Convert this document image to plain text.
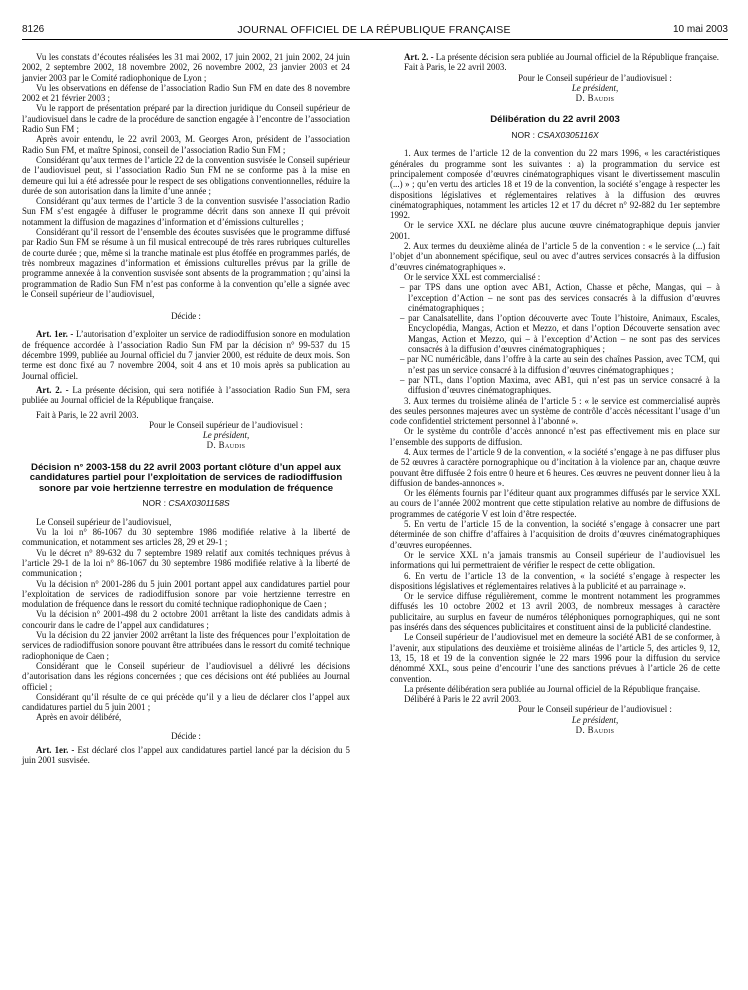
8126	JOURNAL OFFICIEL DE LA RÉPUBLIQUE FRANÇAISE	10 mai 2003

Vu les constats d’écoutes réalisées les 31 mai 2002, 17 juin 2002, 21 juin 2002, 24 juin 2002, 2 septembre 2002, 18 novembre 2002, 26 novembre 2002, 23 janvier 2003 et 24 janvier 2003 par le Comité radiophonique de Lyon ;

Vu les observations en défense de l’association Radio Sun FM en date des 8 novembre 2002 et 21 février 2003 ;

Vu le rapport de présentation préparé par la direction juridique du Conseil supérieur de l’audiovisuel dans le cadre de la procédure de sanction engagée à l’encontre de l’association Radio Sun FM ;

Après avoir entendu, le 22 avril 2003, M. Georges Aron, président de l’association Radio Sun FM, et maître Spinosi, conseil de l’association Radio Sun FM ;

Considérant qu’aux termes de l’article 22 de la convention susvisée le Conseil supérieur de l’audiovisuel peut, si l’association Radio Sun FM ne se conforme pas à la mise en demeure qui lui a été adressée pour le respect de ses obligations conventionnelles, réduire la durée de son autorisation dans la limite d’une année ;

Considérant qu’aux termes de l’article 3 de la convention susvisée l’association Radio Sun FM s’est engagée à diffuser le programme décrit dans son annexe II qui prévoit notamment la diffusion de magazines d’information et d’émissions culturelles ;

Considérant qu’il ressort de l’ensemble des écoutes susvisées que le programme diffusé par Radio Sun FM se résume à un fil musical entrecoupé de très rares rubriques culturelles de courte durée ; que, même si la tranche matinale est plus étoffée en programmes parlés, de très nombreux magazines d’information et émissions culturelles prévus par la grille de programme annexée à la convention susvisée sont absents de la programmation ; qu’ainsi la programmation de Radio Sun FM n’est pas conforme à la convention qu’elle a signée avec le Conseil supérieur de l’audiovisuel,

Décide :

Art. 1er. - L’autorisation d’exploiter un service de radiodiffusion sonore en modulation de fréquence accordée à l’association Radio Sun FM par la décision n° 99-537 du 15 décembre 1999, publiée au Journal officiel du 7 janvier 2000, est réduite de deux mois. Son terme est donc fixé au 7 novembre 2004, soit 4 ans et 10 mois après sa publication au Journal officiel.

Art. 2. - La présente décision, qui sera notifiée à l’association Radio Sun FM, sera publiée au Journal officiel de la République française.

Fait à Paris, le 22 avril 2003.

Pour le Conseil supérieur de l’audiovisuel :

Le président,

D. Baudis

Décision n° 2003-158 du 22 avril 2003 portant clôture d’un appel aux candidatures partiel pour l’exploitation de services de radiodiffusion sonore par voie hertzienne terrestre en modulation de fréquence

NOR : CSAX0301158S

Le Conseil supérieur de l’audiovisuel,

Vu la loi n° 86-1067 du 30 septembre 1986 modifiée relative à la liberté de communication, et notamment ses articles 28, 29 et 29-1 ;

Vu le décret n° 89-632 du 7 septembre 1989 relatif aux comités techniques prévus à l’article 29-1 de la loi n° 86-1067 du 30 septembre 1986 modifiée relative à la liberté de communication ;

Vu la décision n° 2001-286 du 5 juin 2001 portant appel aux candidatures partiel pour l’exploitation de services de radiodiffusion sonore par voie hertzienne terrestre en modulation de fréquence dans le ressort du comité technique radiophonique de Caen ;

Vu la décision n° 2001-498 du 2 octobre 2001 arrêtant la liste des candidats admis à concourir dans le cadre de l’appel aux candidatures ;

Vu la décision du 22 janvier 2002 arrêtant la liste des fréquences pour l’exploitation de services de radiodiffusion sonore pouvant être attribuées dans le ressort du comité technique radiophonique de Caen ;

Considérant que le Conseil supérieur de l’audiovisuel a délivré les décisions d’autorisation dans les régions concernées ; que ces décisions ont été publiées au Journal officiel ;

Considérant qu’il résulte de ce qui précède qu’il y a lieu de déclarer clos l’appel aux candidatures partiel du 5 juin 2001 ;

Après en avoir délibéré,

Décide :

Art. 1er. - Est déclaré clos l’appel aux candidatures partiel lancé par la décision du 5 juin 2001 susvisée.

Art. 2. - La présente décision sera publiée au Journal officiel de la République française.

Fait à Paris, le 22 avril 2003.

Pour le Conseil supérieur de l’audiovisuel :

Le président,

D. Baudis

Délibération du 22 avril 2003

NOR : CSAX0305116X

1. Aux termes de l’article 12 de la convention du 22 mars 1996, « les caractéristiques générales du programme sont les suivantes : a) la programmation du service est principalement composée d’œuvres cinématographiques visant le divertissement masculin (...) » ; qu’en vertu des articles 18 et 19 de la convention, la société s’engage à respecter les dispositions législatives et réglementaires relatives à la diffusion des œuvres cinématographiques, notamment les articles 12 et 17 du décret n° 92-882 du 1er septembre 1992.

Or le service XXL ne déclare plus aucune œuvre cinématographique depuis janvier 2001.

2. Aux termes du deuxième alinéa de l’article 5 de la convention : « le service (...) fait l’objet d’un abonnement spécifique, seul ou avec d’autres services consacrés à la diffusion d’œuvres cinématographiques ».

Or le service XXL est commercialisé :

– par TPS dans une option avec AB1, Action, Chasse et pêche, Mangas, qui – à l’exception d’Action – ne sont pas des services consacrés à la diffusion d’œuvres cinématographiques ;
– par Canalsatellite, dans l’option découverte avec Toute l’histoire, Animaux, Escales, Encyclopédia, Mangas, Action et Mezzo, et dans l’option Découverte sensation avec Mangas, Action et Mezzo, qui – à l’exception d’Action – ne sont pas des services consacrés à la diffusion d’œuvres cinématographiques ;
– par NC numéricâble, dans l’offre à la carte au sein des chaînes Passion, avec TCM, qui n’est pas un service consacré à la diffusion d’œuvres cinématographiques ;
– par NTL, dans l’option Maxima, avec AB1, qui n’est pas un service consacré à la diffusion d’œuvres cinématographiques.

3. Aux termes du troisième alinéa de l’article 5 : « le service est commercialisé auprès des seules personnes majeures avec un système de contrôle d’accès nécessitant l’usage d’un code confidentiel strictement personnel à l’abonné ».

Or le système du contrôle d’accès annoncé n’est pas effectivement mis en place sur l’ensemble des supports de diffusion.

4. Aux termes de l’article 9 de la convention, « la société s’engage à ne pas diffuser plus de 52 œuvres à caractère pornographique ou d’incitation à la violence par an, chaque œuvre pouvant être diffusée 2 fois entre 0 heure et 6 heures. Ces œuvres ne peuvent donner lieu à la diffusion de bandes-annonces ».

Or les éléments fournis par l’éditeur quant aux programmes diffusés par le service XXL au cours de l’année 2002 montrent que cette stipulation relative au nombre de diffusions de programmes de catégorie V est loin d’être respectée.

5. En vertu de l’article 15 de la convention, la société s’engage à consacrer une part déterminée de son chiffre d’affaires à l’acquisition de droits d’œuvres cinématographiques d’œuvres européennes.

Or le service XXL n’a jamais transmis au Conseil supérieur de l’audiovisuel les informations qui lui permettraient de vérifier le respect de cette obligation.

6. En vertu de l’article 13 de la convention, « la société s’engage à respecter les dispositions législatives et réglementaires relatives à la publicité et au parrainage ».

Or le service diffuse régulièrement, comme le montrent notamment les programmes diffusés les 10 octobre 2002 et 13 avril 2003, de nombreux messages à caractère publicitaire, au surplus en faveur de numéros téléphoniques pornographiques, qui ne sont pas insérés dans des séquences publicitaires et constituent ainsi de la publicité clandestine.

Le Conseil supérieur de l’audiovisuel met en demeure la société AB1 de se conformer, à l’avenir, aux stipulations des deuxième et troisième alinéas de l’article 5, des articles 9, 12, 13, 15, 18 et 19 de la convention signée le 22 mars 1996 pour la diffusion du service dénommé XXL, sous peine d’encourir l’une des sanctions prévues à l’article 26 de cette convention.

La présente délibération sera publiée au Journal officiel de la République française.

Délibéré à Paris le 22 avril 2003.

Pour le Conseil supérieur de l’audiovisuel :

Le président,

D. Baudis
